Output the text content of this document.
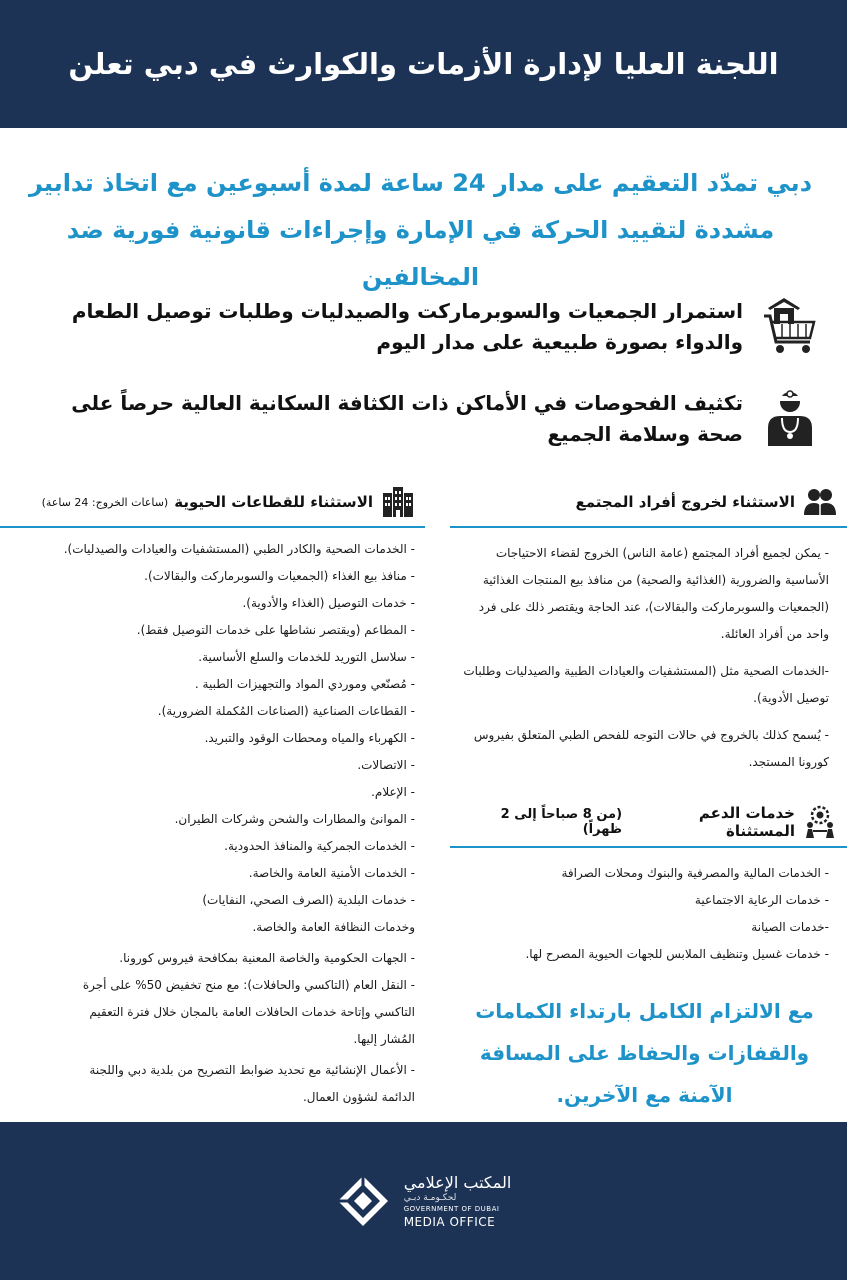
اللجنة العليا لإدارة الأزمات والكوارث في دبي تعلن
دبي تمدّد التعقيم على مدار 24 ساعة لمدة أسبوعين مع اتخاذ تدابير
مشددة لتقييد الحركة في الإمارة وإجراءات قانونية فورية ضد المخالفين
استمرار الجمعيات والسوبرماركت والصيدليات وطلبات توصيل الطعام
والدواء بصورة طبيعية على مدار اليوم
تكثيف الفحوصات في الأماكن ذات الكثافة السكانية العالية حرصاً على
صحة وسلامة الجميع
الاستثناء للقطاعات الحيوية
(ساعات الخروج: 24 ساعة)
- الخدمات الصحية والكادر الطبي (المستشفيات والعيادات والصيدليات).
- منافذ بيع الغذاء (الجمعيات والسوبرماركت والبقالات).
- خدمات التوصيل (الغذاء والأدوية).
- المطاعم (ويقتصر نشاطها على خدمات التوصيل فقط).
- سلاسل التوريد للخدمات والسلع الأساسية.
- مُصنّعي وموردي المواد والتجهيزات الطبية .
- القطاعات الصناعية (الصناعات المُكملة الضرورية).
- الكهرباء والمياه ومحطات الوقود والتبريد.
- الاتصالات.
- الإعلام.
- الموانئ والمطارات والشحن وشركات الطيران.
- الخدمات الجمركية والمنافذ الحدودية.
- الخدمات الأمنية العامة والخاصة.
- خدمات البلدية (الصرف الصحي، النفايات)
وخدمات النظافة العامة والخاصة.
- الجهات الحكومية والخاصة المعنية بمكافحة فيروس كورونا.
- النقل العام (التاكسي والحافلات): مع منح تخفيض 50% على أجرة
التاكسي وإتاحة خدمات الحافلات العامة بالمجان خلال فترة التعقيم
المُشار إليها.
- الأعمال الإنشائية مع تحديد ضوابط التصريح من بلدية دبي واللجنة
الدائمة لشؤون العمال.
الاستثناء لخروج أفراد المجتمع
- يمكن لجميع أفراد المجتمع (عامة الناس) الخروج لقضاء الاحتياجات الأساسية والضرورية (الغذائية والصحية) من منافذ بيع المنتجات الغذائية (الجمعيات والسوبرماركت والبقالات)، عند الحاجة ويقتصر ذلك على فرد واحد من أفراد العائلة.
-الخدمات الصحية مثل (المستشفيات والعيادات الطبية والصيدليات وطلبات توصيل الأدوية).
- يُسمح كذلك بالخروج في حالات التوجه للفحص الطبي المتعلق بفيروس كورونا المستجد.
خدمات الدعم المستثناة
(من 8 صباحاً إلى 2 ظهراً)
- الخدمات المالية والمصرفية والبنوك ومحلات الصرافة
- خدمات الرعاية الاجتماعية
-خدمات الصيانة
- خدمات غسيل وتنظيف الملابس للجهات الحيوية المصرح لها.
مع الالتزام الكامل بارتداء الكمامات والقفازات والحفاظ على المسافة الآمنة مع الآخرين.
المكتب الإعلامي
لحكـومـة دبـي
GOVERNMENT OF DUBAI
MEDIA OFFICE
